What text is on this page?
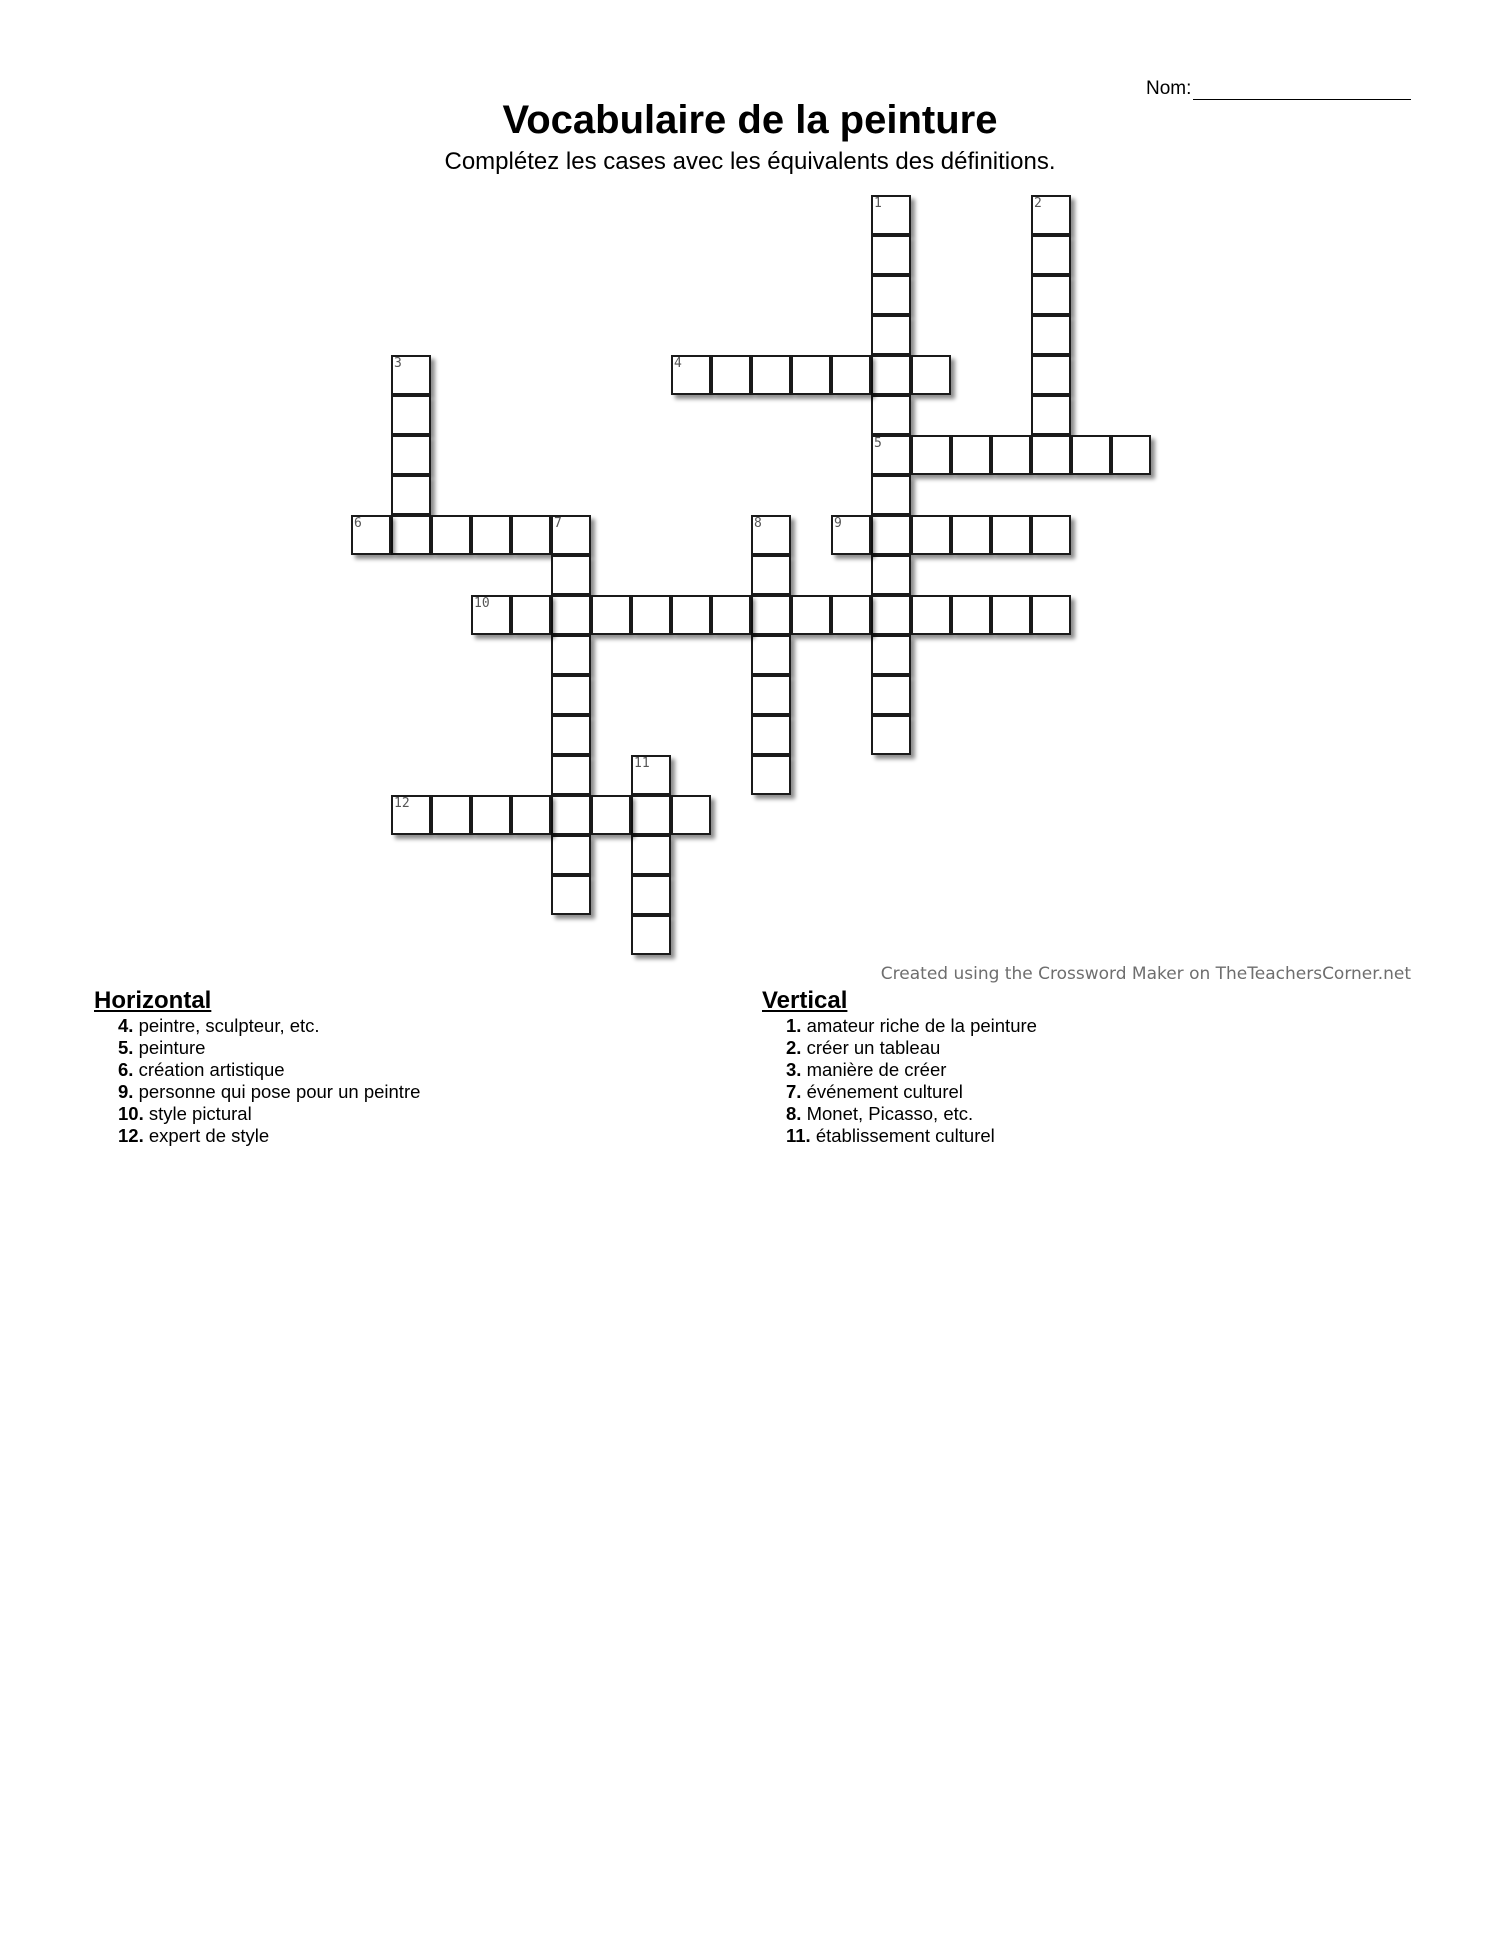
Nom:
Vocabulaire de la peinture
Complétez les cases avec les équivalents des définitions.
1
5
2
3	4
6	7	8	9
10
11
12
Created using the Crossword Maker on TheTeachersCorner.net
Horizontal
4. peintre, sculpteur, etc.
5. peinture
6. création artistique
9. personne qui pose pour un peintre
10. style pictural
12. expert de style
Vertical
1. amateur riche de la peinture
2. créer un tableau
3. manière de créer
7. événement culturel
8. Monet, Picasso, etc.
11. établissement culturel
